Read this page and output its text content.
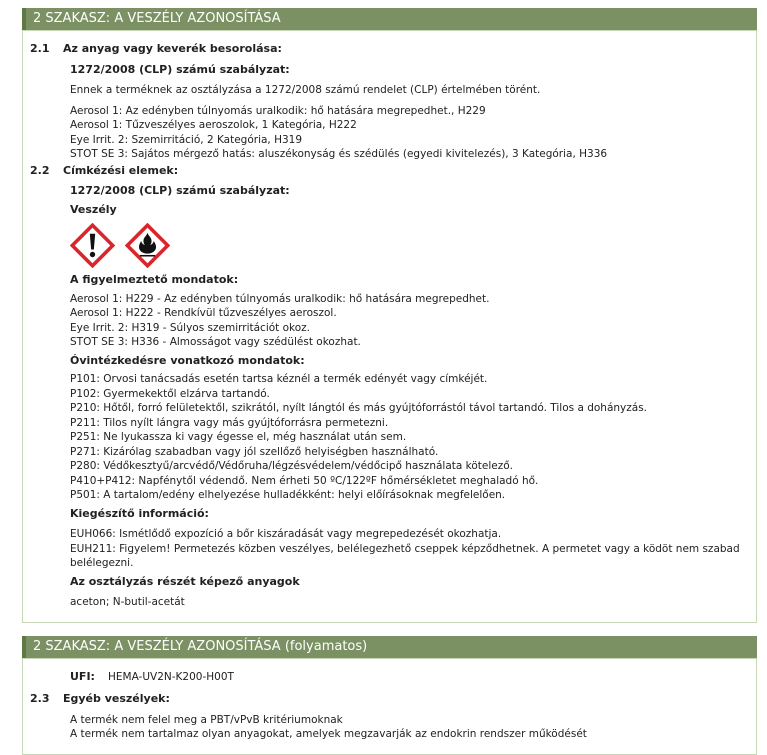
2 SZAKASZ: A VESZÉLY AZONOSÍTÁSA
2.1	Az anyag vagy keverék besorolása:
1272/2008 (CLP) számú szabályzat:
Ennek a terméknek az osztályzása a 1272/2008 számú rendelet (CLP) értelmében törént.
Aerosol 1: Az edényben túlnyomás uralkodik: hő hatására megrepedhet., H229
Aerosol 1: Tűzveszélyes aeroszolok, 1 Kategória, H222
Eye Irrit. 2: Szemirritáció, 2 Kategória, H319
STOT SE 3: Sajátos mérgező hatás: aluszékonyság és szédülés (egyedi kivitelezés), 3 Kategória, H336
2.2	Címkézési elemek:
1272/2008 (CLP) számú szabályzat:
Veszély
A figyelmeztető mondatok:
Aerosol 1: H229 - Az edényben túlnyomás uralkodik: hő hatására megrepedhet.
Aerosol 1: H222 - Rendkívül tűzveszélyes aeroszol.
Eye Irrit. 2: H319 - Súlyos szemirritációt okoz.
STOT SE 3: H336 - Almosságot vagy szédülést okozhat.
Óvintézkedésre vonatkozó mondatok:
P101: Orvosi tanácsadás esetén tartsa kéznél a termék edényét vagy címkéjét.
P102: Gyermekektől elzárva tartandó.
P210: Hőtől, forró felületektől, szikrától, nyílt lángtól és más gyújtóforrástól távol tartandó. Tilos a dohányzás.
P211: Tilos nyílt lángra vagy más gyújtóforrásra permetezni.
P251: Ne lyukassza ki vagy égesse el, még használat után sem.
P271: Kizárólag szabadban vagy jól szellőző helyiségben használható.
P280: Védőkesztyű/arcvédő/Védőruha/légzésvédelem/védőcipő használata kötelező.
P410+P412: Napfénytől védendő. Nem érheti 50 ºC/122ºF hőmérsékletet meghaladó hő.
P501: A tartalom/edény elhelyezése hulladékként: helyi előírásoknak megfelelően.
Kiegészítő információ:
EUH066: Ismétlődő expozíció a bőr kiszáradását vagy megrepedezését okozhatja.
EUH211: Figyelem! Permetezés közben veszélyes, belélegezhető cseppek képződhetnek. A permetet vagy a ködöt nem szabad belélegezni.
Az osztályzás részét képező anyagok
aceton; N-butil-acetát
2 SZAKASZ: A VESZÉLY AZONOSÍTÁSA (folyamatos)
UFI: HEMA-UV2N-K200-H00T
2.3	Egyéb veszélyek:
A termék nem felel meg a PBT/vPvB kritériumoknak
A termék nem tartalmaz olyan anyagokat, amelyek megzavarják az endokrin rendszer működését
